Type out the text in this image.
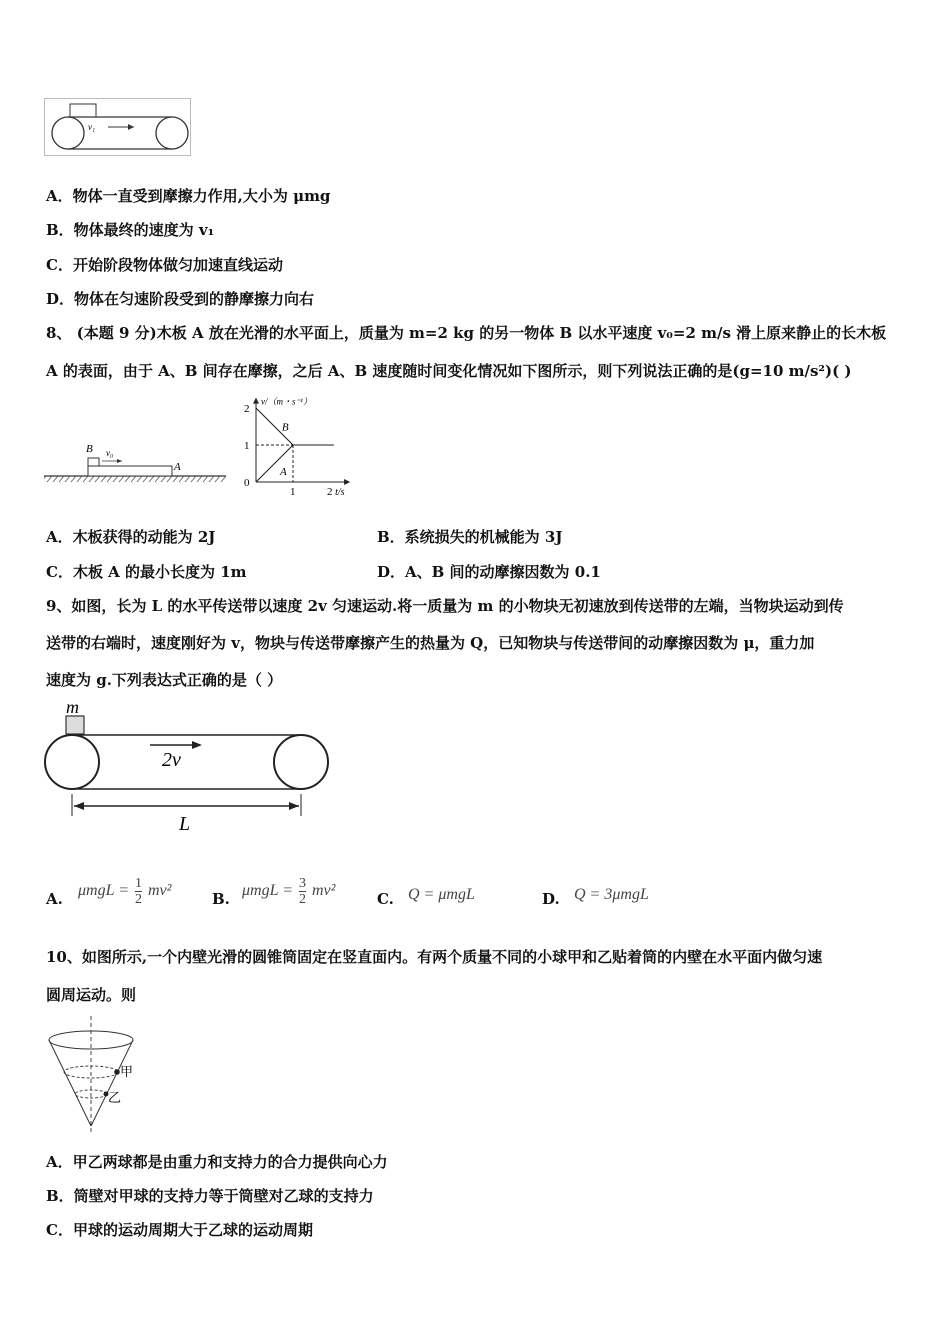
v₁
A．物体一直受到摩擦力作用,大小为 μmg
B．物体最终的速度为 v₁
C．开始阶段物体做匀加速直线运动
D．物体在匀速阶段受到的静摩擦力向右
8、 (本题 9 分)木板 A 放在光滑的水平面上，质量为 m=2 kg 的另一物体 B 以水平速度 v₀=2 m/s 滑上原来静止的长木板
A 的表面，由于 A、B 间存在摩擦，之后 A、B 速度随时间变化情况如下图所示，则下列说法正确的是(g=10 m/s²)( )
B v₀
A
B
A
0
1
2
1	2
v/（m・s⁻¹）
t/s
A．木板获得的动能为 2J	B．系统损失的机械能为 3J
C．木板 A 的最小长度为 1m	D．A、B 间的动摩擦因数为 0.1
9、如图，长为 L 的水平传送带以速度 2v 匀速运动.将一质量为 m 的小物块无初速放到传送带的左端，当物块运动到传
送带的右端时，速度刚好为 v，物块与传送带摩擦产生的热量为 Q，已知物块与传送带间的动摩擦因数为 μ，重力加
速度为 g.下列表达式正确的是（ ）
m
2v
L
A. $\mu mgL = \frac{1}{2} mv^2$	B. $\mu mgL = \frac{3}{2} mv^2$	C. Q = μmgL	D. Q = 3μmgL
10、如图所示,一个内壁光滑的圆锥筒固定在竖直面内。有两个质量不同的小球甲和乙贴着筒的内壁在水平面内做匀速
圆周运动。则
甲
乙
A．甲乙两球都是由重力和支持力的合力提供向心力
B．筒壁对甲球的支持力等于筒壁对乙球的支持力
C．甲球的运动周期大于乙球的运动周期
